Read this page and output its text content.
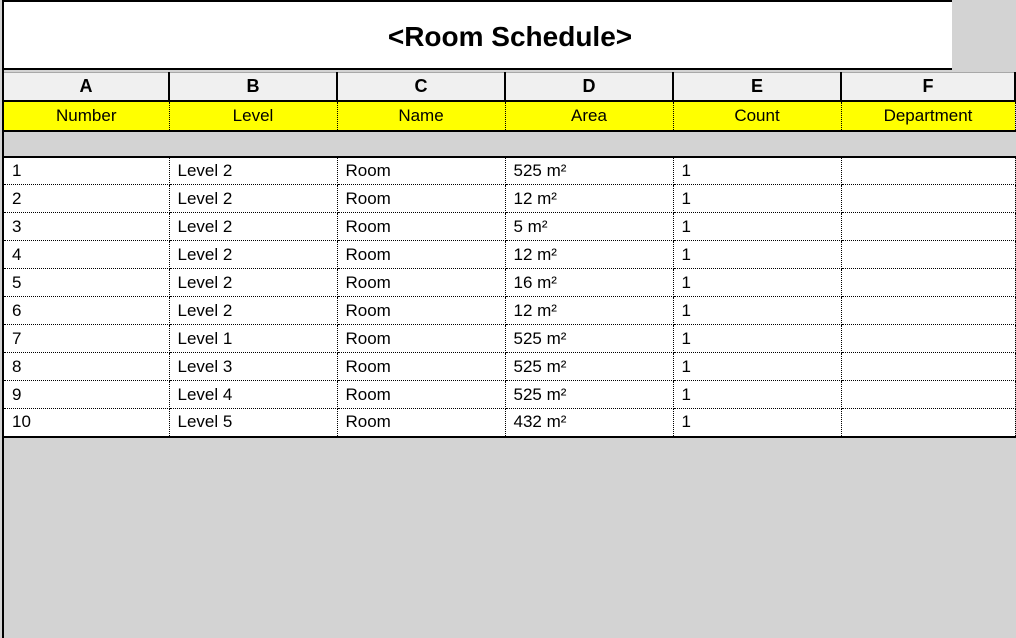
<Room Schedule>
A	B	C	D	E	F
Number	Level	Name	Area	Count	Department

1	Level 2	Room	525 m²	1	
2	Level 2	Room	12 m²	1	
3	Level 2	Room	5 m²	1	
4	Level 2	Room	12 m²	1	
5	Level 2	Room	16 m²	1	
6	Level 2	Room	12 m²	1	
7	Level 1	Room	525 m²	1	
8	Level 3	Room	525 m²	1	
9	Level 4	Room	525 m²	1	
10	Level 5	Room	432 m²	1	
